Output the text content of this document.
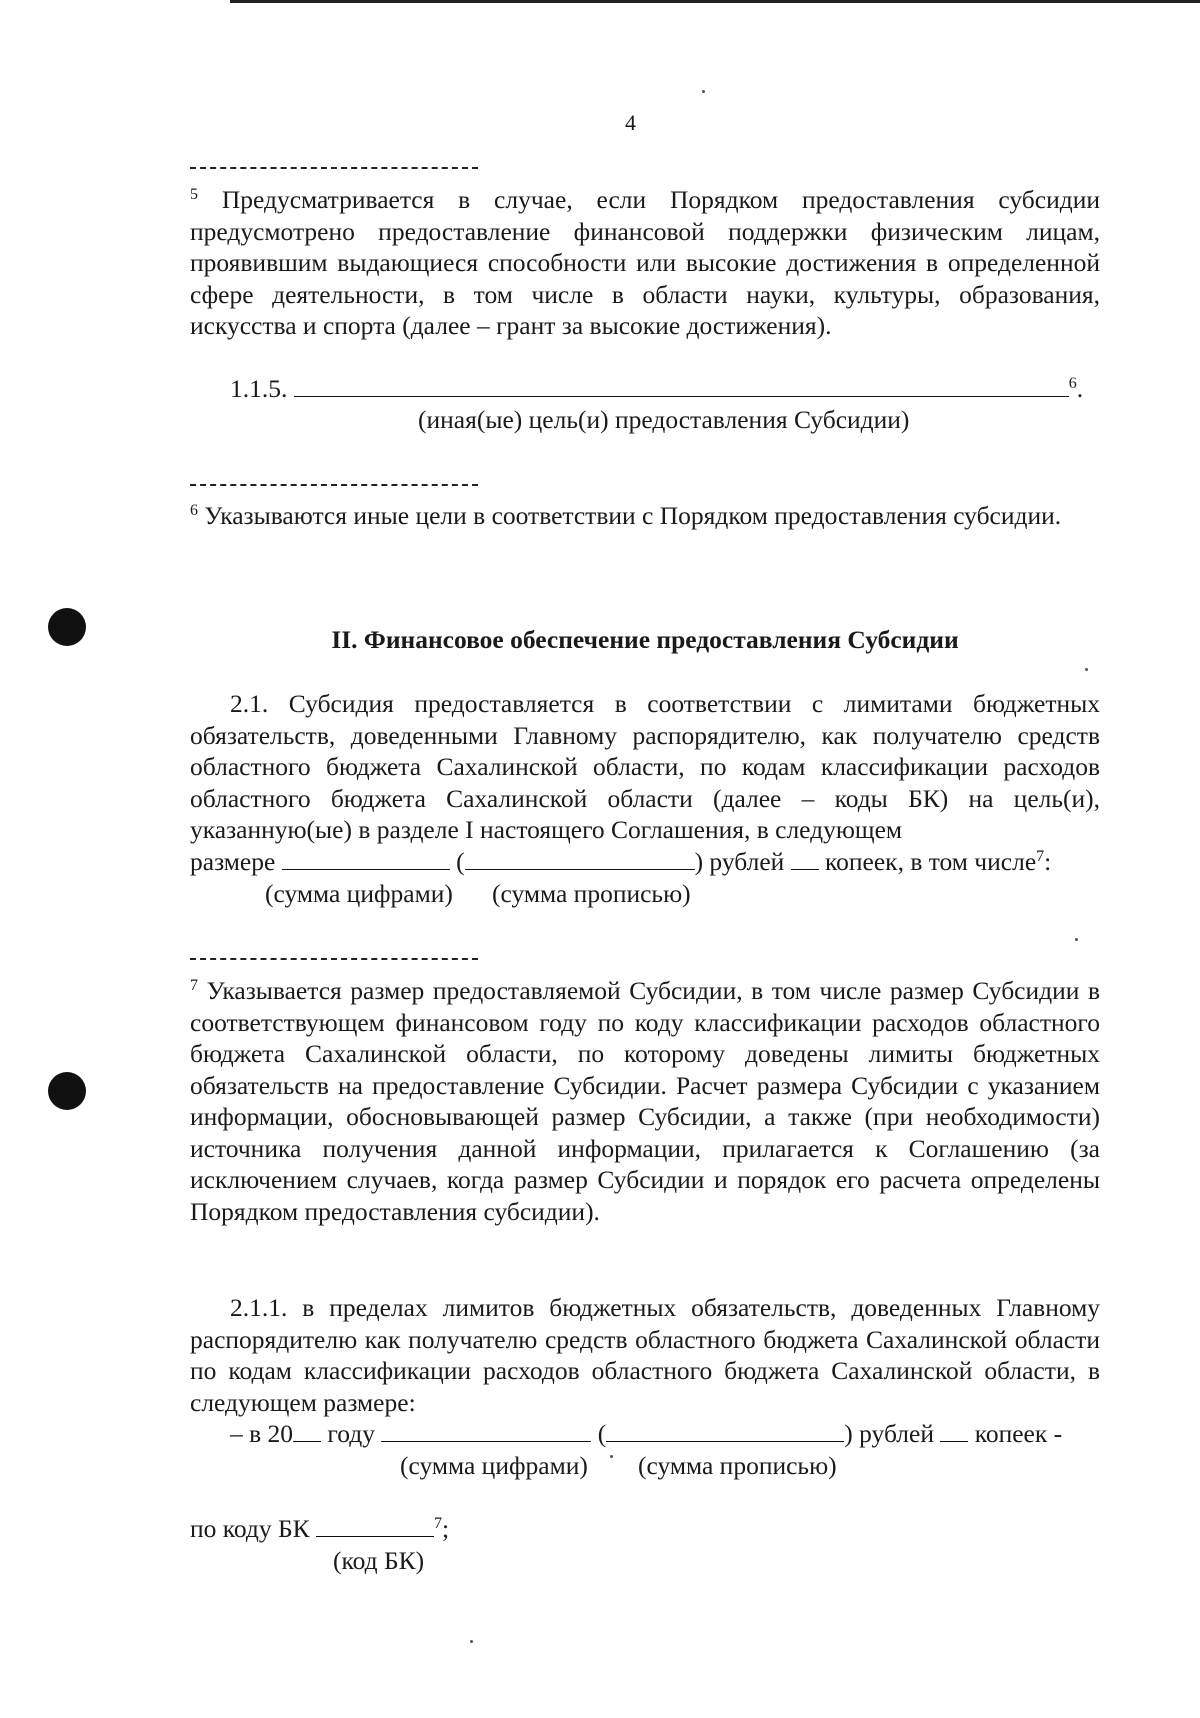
4

$^5$ Предусматривается в случае, если Порядком предоставления субсидии предусмотрено предоставление финансовой поддержки физическим лицам, проявившим выдающиеся способности или высокие достижения в определенной сфере деятельности, в том числе в области науки, культуры, образования, искусства и спорта (далее – грант за высокие достижения).

1.1.5.	$^6$.
(иная(ые) цель(и) предоставления Субсидии)

$^6$ Указываются иные цели в соответствии с Порядком предоставления субсидии.

II. Финансовое обеспечение предоставления Субсидии

2.1. Субсидия предоставляется в соответствии с лимитами бюджетных обязательств, доведенными Главному распорядителю, как получателю средств областного бюджета Сахалинской области, по кодам классификации расходов областного бюджета Сахалинской области (далее – коды БК) на цель(и), указанную(ые) в разделе I настоящего Соглашения, в следующем

размере	(	) рублей копеек, в том числе$^7$:
(сумма цифрами) (сумма прописью)

$^7$ Указывается размер предоставляемой Субсидии, в том числе размер Субсидии в соответствующем финансовом году по коду классификации расходов областного бюджета Сахалинской области, по которому доведены лимиты бюджетных обязательств на предоставление Субсидии. Расчет размера Субсидии с указанием информации, обосновывающей размер Субсидии, а также (при необходимости) источника получения данной информации, прилагается к Соглашению (за исключением случаев, когда размер Субсидии и порядок его расчета определены Порядком предоставления субсидии).

2.1.1. в пределах лимитов бюджетных обязательств, доведенных Главному распорядителю как получателю средств областного бюджета Сахалинской области по кодам классификации расходов областного бюджета Сахалинской области, в следующем размере:

– в 20 году	(	) рублей копеек -
(сумма цифрами) (сумма прописью)
по коду БК	$^7$;
(код БК)
